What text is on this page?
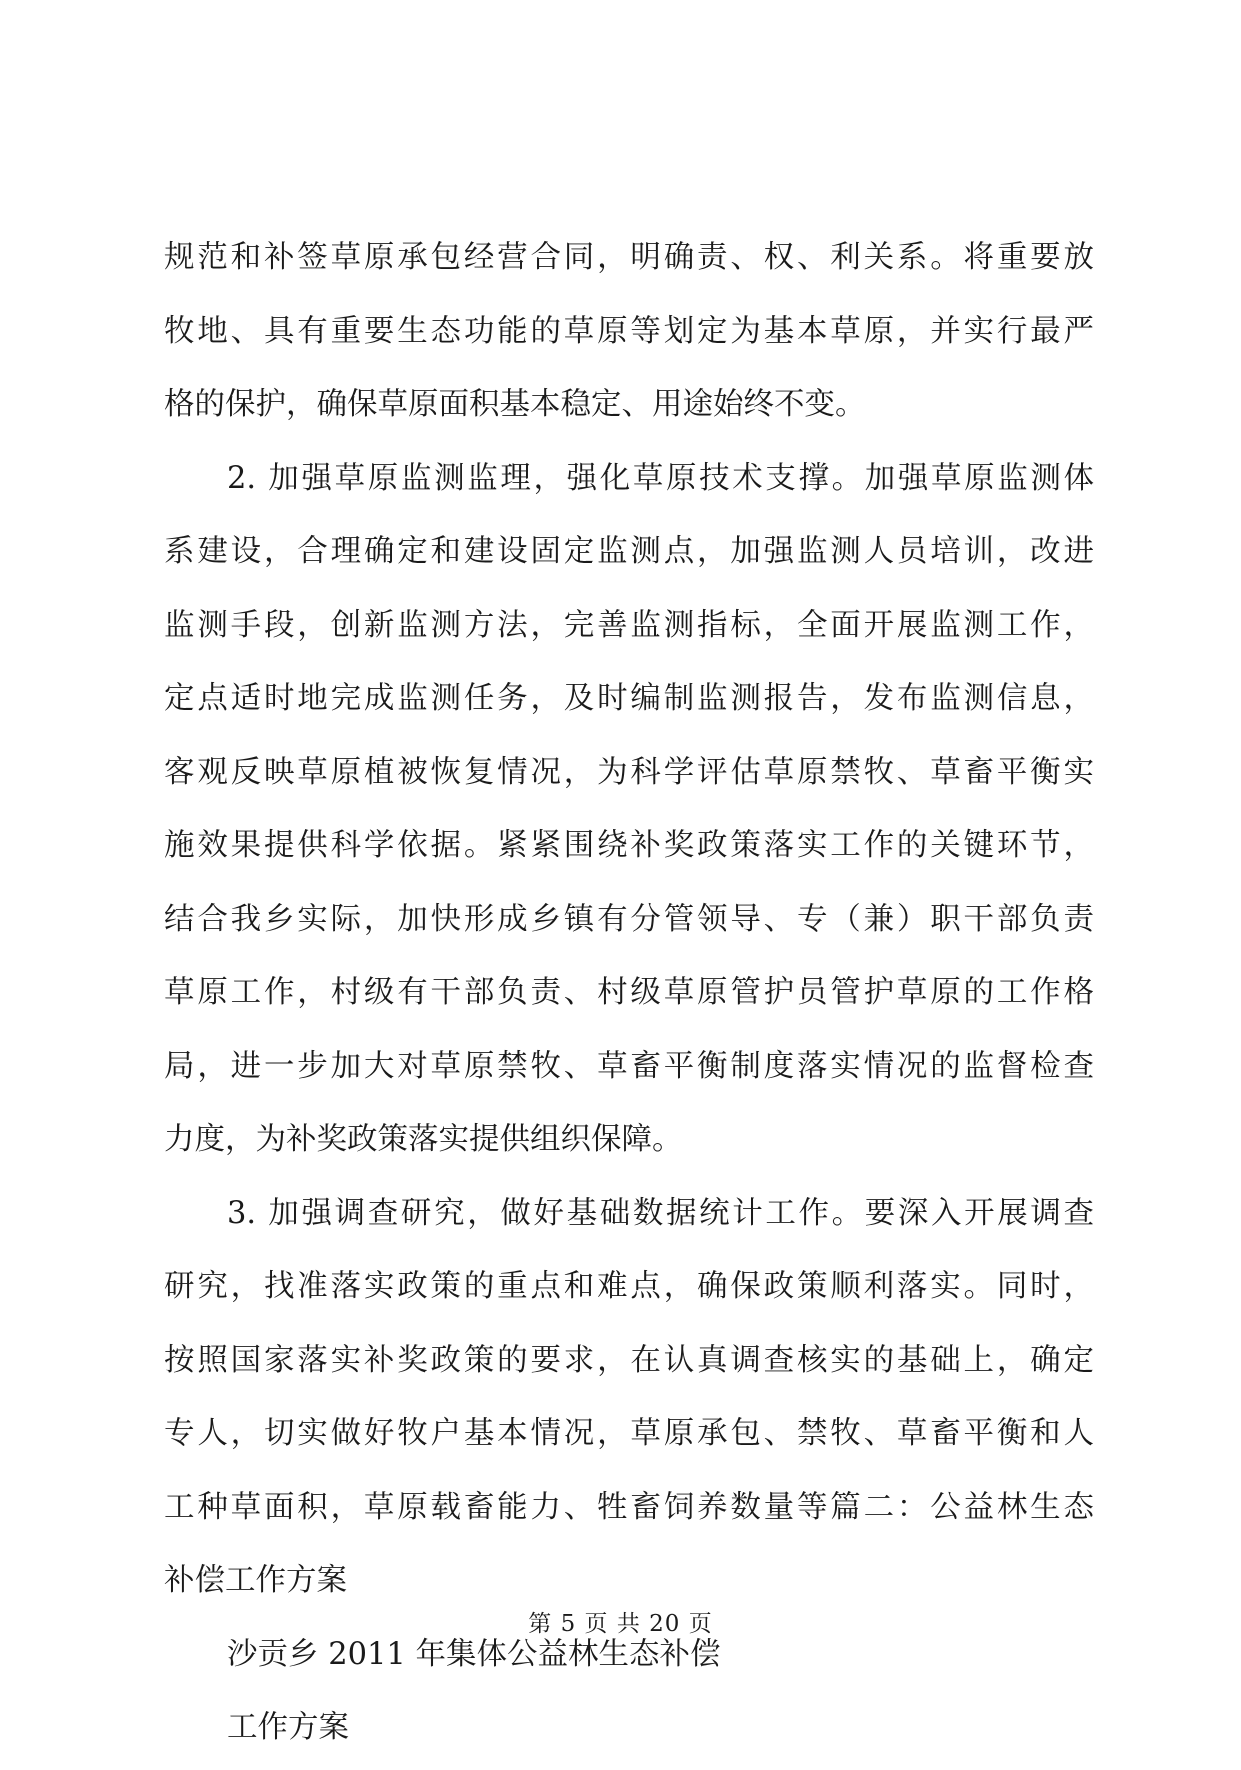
规范和补签草原承包经营合同，明确责、权、利关系。将重要放
牧地、具有重要生态功能的草原等划定为基本草原，并实行最严
格的保护，确保草原面积基本稳定、用途始终不变。
2. 加强草原监测监理，强化草原技术支撑。加强草原监测体
系建设，合理确定和建设固定监测点，加强监测人员培训，改进
监测手段，创新监测方法，完善监测指标，全面开展监测工作，
定点适时地完成监测任务，及时编制监测报告，发布监测信息，
客观反映草原植被恢复情况，为科学评估草原禁牧、草畜平衡实
施效果提供科学依据。紧紧围绕补奖政策落实工作的关键环节，
结合我乡实际，加快形成乡镇有分管领导、专（兼）职干部负责
草原工作，村级有干部负责、村级草原管护员管护草原的工作格
局，进一步加大对草原禁牧、草畜平衡制度落实情况的监督检查
力度，为补奖政策落实提供组织保障。
3. 加强调查研究，做好基础数据统计工作。要深入开展调查
研究，找准落实政策的重点和难点，确保政策顺利落实。同时，
按照国家落实补奖政策的要求，在认真调查核实的基础上，确定
专人，切实做好牧户基本情况，草原承包、禁牧、草畜平衡和人
工种草面积，草原载畜能力、牲畜饲养数量等篇二：公益林生态
补偿工作方案
沙贡乡 2011 年集体公益林生态补偿
工作方案
第 5 页 共 20 页
